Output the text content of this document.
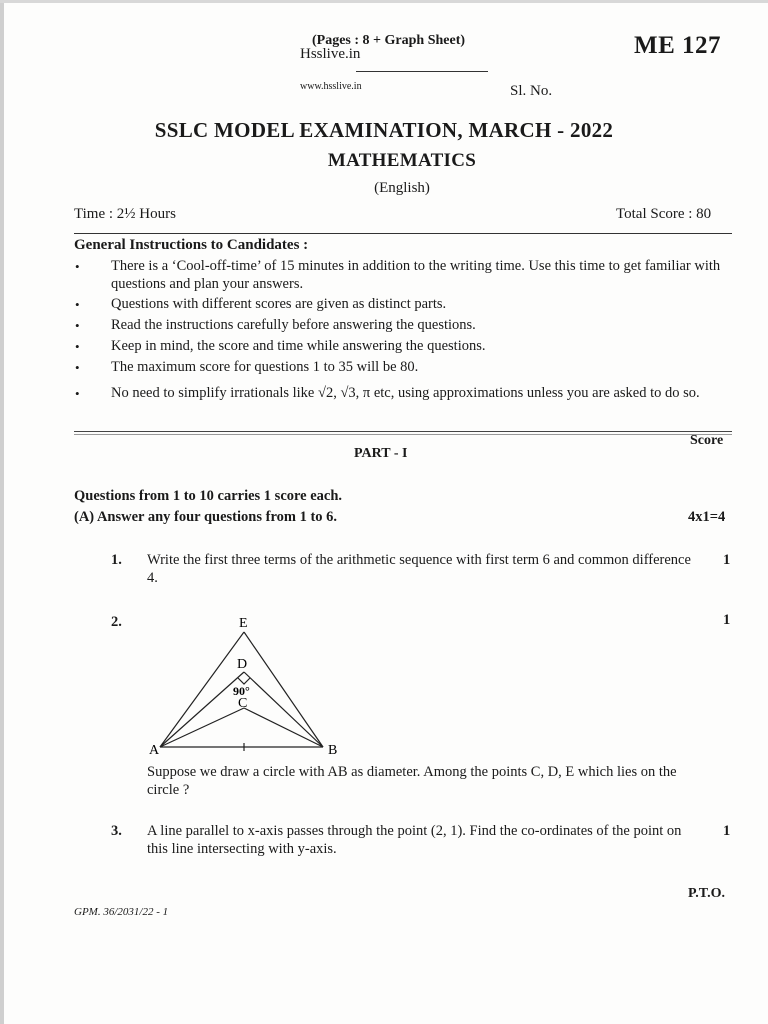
(Pages : 8 + Graph Sheet)
Hsslive.in
www.hsslive.in
ME 127
Sl. No.
SSLC MODEL EXAMINATION, MARCH - 2022
MATHEMATICS
(English)
Time : 2½ Hours	Total Score : 80
General Instructions to Candidates :
• There is a ‘Cool-off-time’ of 15 minutes in addition to the writing time. Use this time to get familiar with questions and plan your answers.
• Questions with different scores are given as distinct parts.
• Read the instructions carefully before answering the questions.
• Keep in mind, the score and time while answering the questions.
• The maximum score for questions 1 to 35 will be 80.
• No need to simplify irrationals like √2, √3, π etc, using approximations unless you are asked to do so.
Score
PART - I
Questions from 1 to 10 carries 1 score each.
(A) Answer any four questions from 1 to 6.	4x1=4
1. Write the first three terms of the arithmetic sequence with first term 6 and common difference 4.
1
2.	1
E
D
90°
C
A	B
Suppose we draw a circle with AB as diameter. Among the points C, D, E which lies on the circle ?
3. A line parallel to x-axis passes through the point (2, 1). Find the co-ordinates of the point on this line intersecting with y-axis.
1
P.T.O.
GPM. 36/2031/22 - 1
